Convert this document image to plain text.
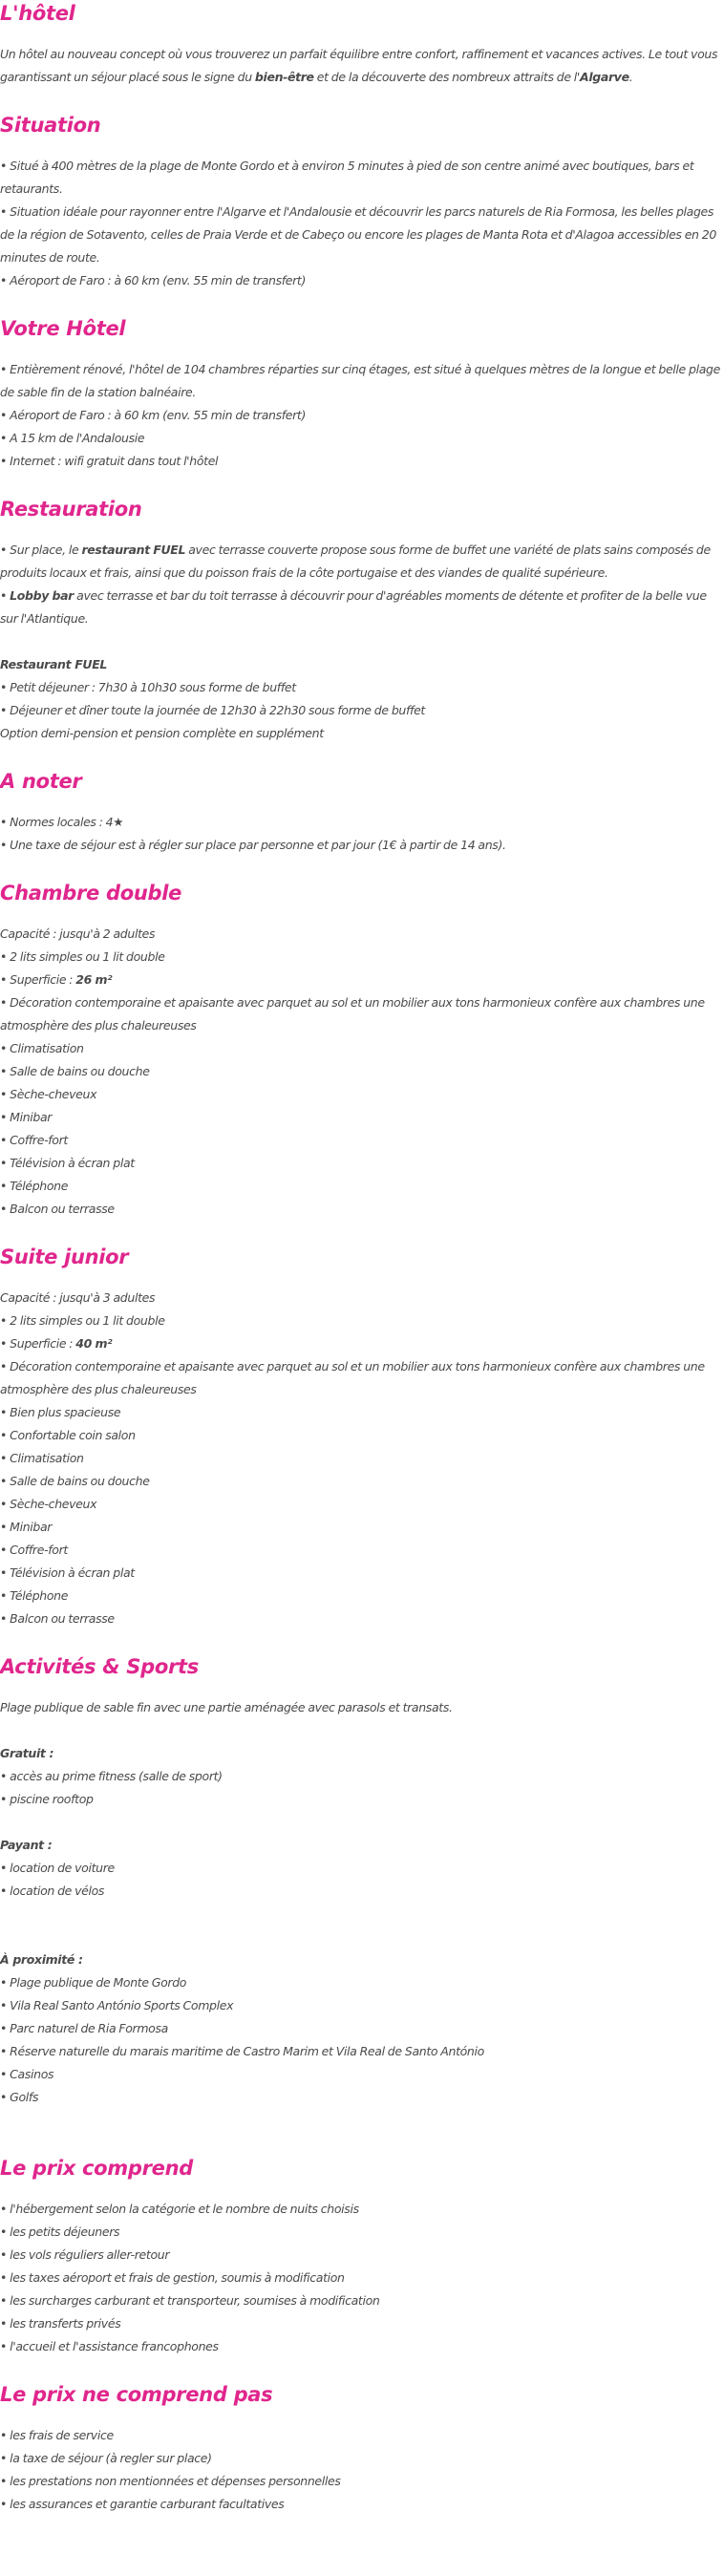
L'hôtel

Un hôtel au nouveau concept où vous trouverez un parfait équilibre entre confort, raffinement et vacances actives. Le tout vous garantissant un séjour placé sous le signe du bien-être et de la découverte des nombreux attraits de l'Algarve.

Situation
• Situé à 400 mètres de la plage de Monte Gordo et à environ 5 minutes à pied de son centre animé avec boutiques, bars et retaurants.
• Situation idéale pour rayonner entre l'Algarve et l'Andalousie et découvrir les parcs naturels de Ria Formosa, les belles plages de la région de Sotavento, celles de Praia Verde et de Cabeço ou encore les plages de Manta Rota et d'Alagoa accessibles en 20 minutes de route.
• Aéroport de Faro : à 60 km (env. 55 min de transfert)
Votre Hôtel
• Entièrement rénové, l'hôtel de 104 chambres réparties sur cinq étages, est situé à quelques mètres de la longue et belle plage de sable fin de la station balnéaire.
• Aéroport de Faro : à 60 km (env. 55 min de transfert)
• A 15 km de l'Andalousie
• Internet : wifi gratuit dans tout l'hôtel
Restauration
• Sur place, le restaurant FUEL avec terrasse couverte propose sous forme de buffet une variété de plats sains composés de produits locaux et frais, ainsi que du poisson frais de la côte portugaise et des viandes de qualité supérieure.
• Lobby bar avec terrasse et bar du toit terrasse à découvrir pour d'agréables moments de détente et profiter de la belle vue sur l'Atlantique.

Restaurant FUEL

• Petit déjeuner : 7h30 à 10h30 sous forme de buffet
• Déjeuner et dîner toute la journée de 12h30 à 22h30 sous forme de buffet

Option demi-pension et pension complète en supplément

A noter
• Normes locales : 4★
• Une taxe de séjour est à régler sur place par personne et par jour (1€ à partir de 14 ans).
Chambre double

Capacité : jusqu'à 2 adultes

• 2 lits simples ou 1 lit double
• Superficie : 26 m²
• Décoration contemporaine et apaisante avec parquet au sol et un mobilier aux tons harmonieux confère aux chambres une atmosphère des plus chaleureuses
• Climatisation
• Salle de bains ou douche
• Sèche-cheveux
• Minibar
• Coffre-fort
• Télévision à écran plat
• Téléphone
• Balcon ou terrasse
Suite junior

Capacité : jusqu'à 3 adultes

• 2 lits simples ou 1 lit double
• Superficie : 40 m²
• Décoration contemporaine et apaisante avec parquet au sol et un mobilier aux tons harmonieux confère aux chambres une atmosphère des plus chaleureuses
• Bien plus spacieuse
• Confortable coin salon
• Climatisation
• Salle de bains ou douche
• Sèche-cheveux
• Minibar
• Coffre-fort
• Télévision à écran plat
• Téléphone
• Balcon ou terrasse
Activités & Sports

Plage publique de sable fin avec une partie aménagée avec parasols et transats.

Gratuit :

• accès au prime fitness (salle de sport)
• piscine rooftop

Payant :

• location de voiture
• location de vélos

À proximité :

• Plage publique de Monte Gordo
• Vila Real Santo António Sports Complex
• Parc naturel de Ria Formosa
• Réserve naturelle du marais maritime de Castro Marim et Vila Real de Santo António
• Casinos
• Golfs
Le prix comprend
• l'hébergement selon la catégorie et le nombre de nuits choisis
• les petits déjeuners
• les vols réguliers aller-retour
• les taxes aéroport et frais de gestion, soumis à modification
• les surcharges carburant et transporteur, soumises à modification
• les transferts privés
• l'accueil et l'assistance francophones
Le prix ne comprend pas
• les frais de service
• la taxe de séjour (à regler sur place)
• les prestations non mentionnées et dépenses personnelles
• les assurances et garantie carburant facultatives
